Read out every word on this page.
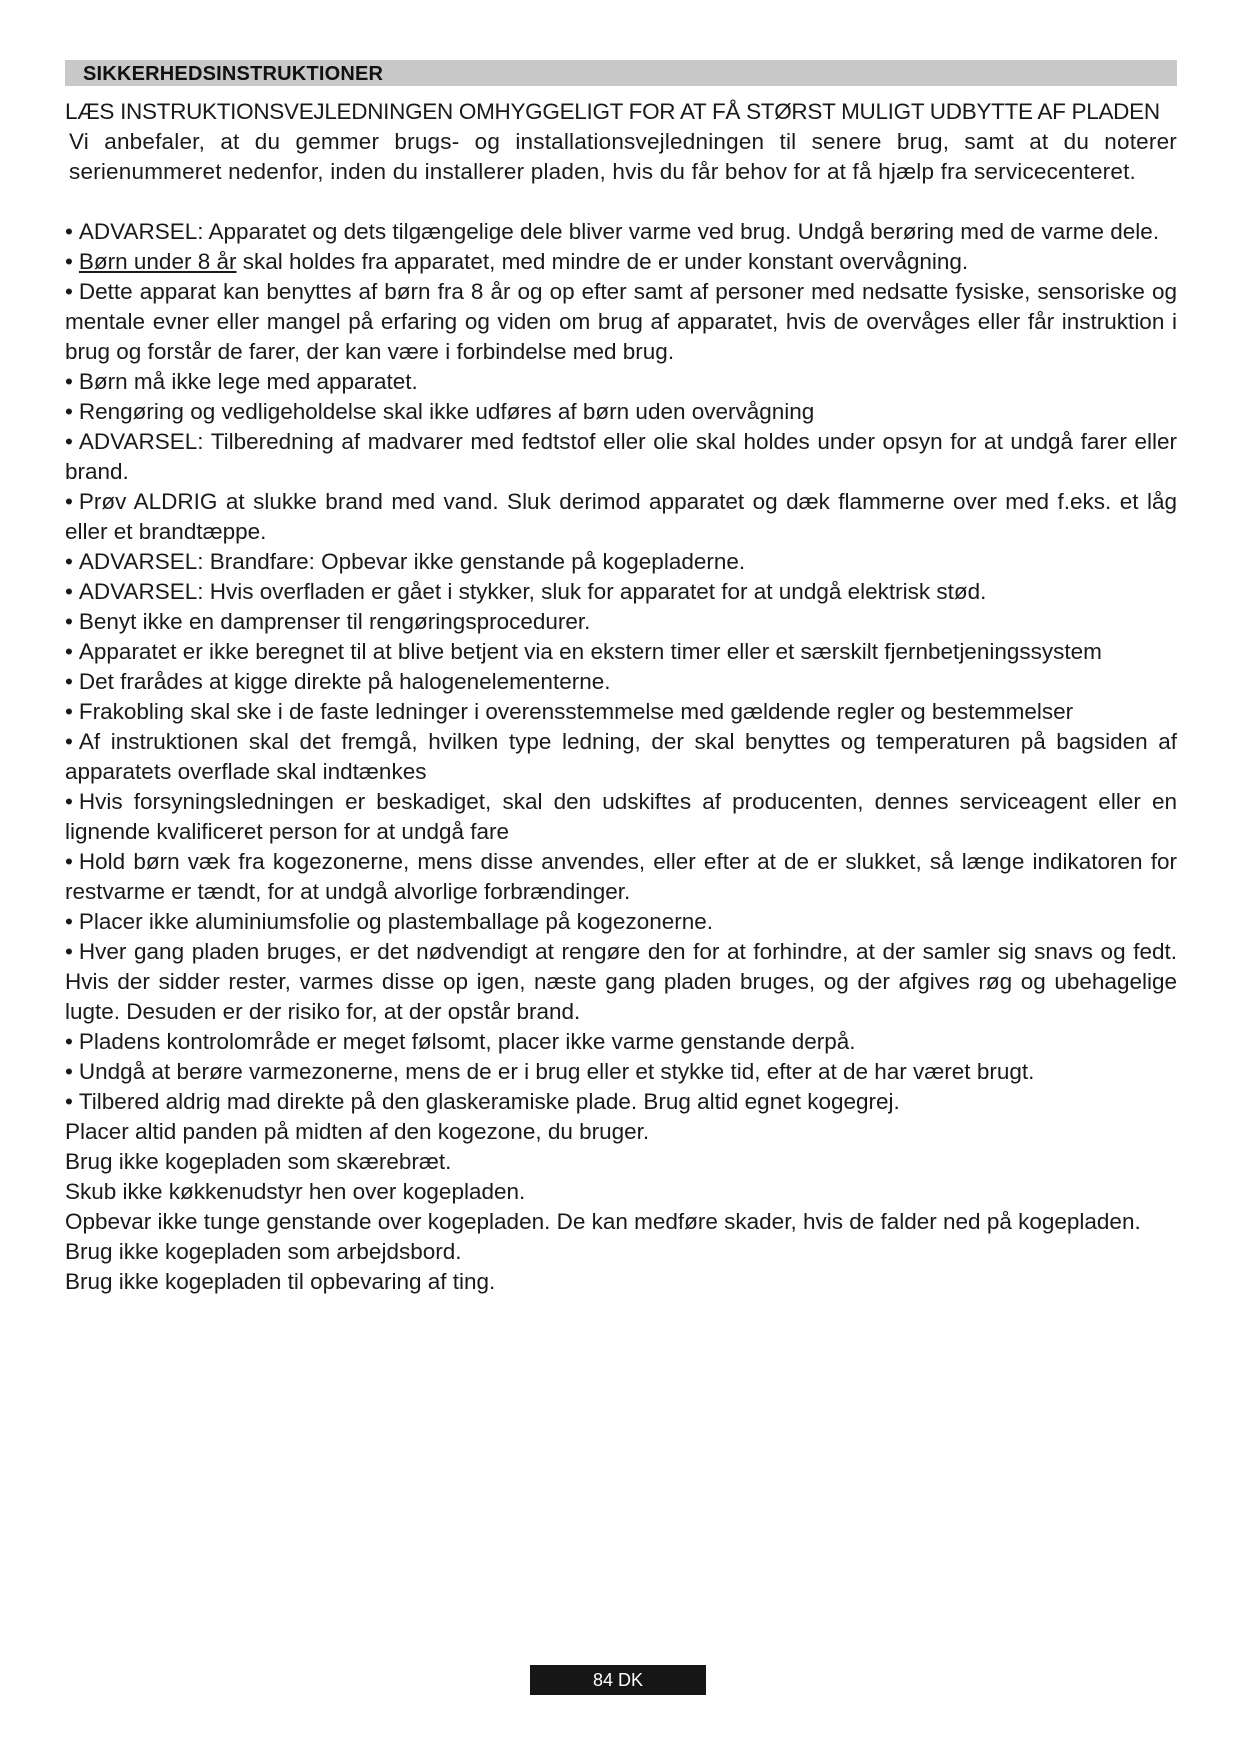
SIKKERHEDSINSTRUKTIONER
LÆS INSTRUKTIONSVEJLEDNINGEN OMHYGGELIGT FOR AT FÅ STØRST MULIGT UDBYTTE AF PLADEN
Vi anbefaler, at du gemmer brugs- og installationsvejledningen til senere brug, samt at du noterer serienummeret nedenfor, inden du installerer pladen, hvis du får behov for at få hjælp fra servicecenteret.

• ADVARSEL: Apparatet og dets tilgængelige dele bliver varme ved brug. Undgå berøring med de varme dele.

• Børn under 8 år skal holdes fra apparatet, med mindre de er under konstant overvågning.

• Dette apparat kan benyttes af børn fra 8 år og op efter samt af personer med nedsatte fysiske, sensoriske og mentale evner eller mangel på erfaring og viden om brug af apparatet, hvis de overvåges eller får instruktion i brug og forstår de farer, der kan være i forbindelse med brug.

• Børn må ikke lege med apparatet.

• Rengøring og vedligeholdelse skal ikke udføres af børn uden overvågning

• ADVARSEL: Tilberedning af madvarer med fedtstof eller olie skal holdes under opsyn for at undgå farer eller brand.

• Prøv ALDRIG at slukke brand med vand. Sluk derimod apparatet og dæk flammerne over med f.eks. et låg eller et brandtæppe.

• ADVARSEL: Brandfare: Opbevar ikke genstande på kogepladerne.

• ADVARSEL: Hvis overfladen er gået i stykker, sluk for apparatet for at undgå elektrisk stød.

• Benyt ikke en damprenser til rengøringsprocedurer.

• Apparatet er ikke beregnet til at blive betjent via en ekstern timer eller et særskilt fjernbetjeningssystem

• Det frarådes at kigge direkte på halogenelementerne.

• Frakobling skal ske i de faste ledninger i overensstemmelse med gældende regler og bestemmelser

• Af instruktionen skal det fremgå, hvilken type ledning, der skal benyttes og temperaturen på bagsiden af apparatets overflade skal indtænkes

• Hvis forsyningsledningen er beskadiget, skal den udskiftes af producenten, dennes serviceagent eller en lignende kvalificeret person for at undgå fare

• Hold børn væk fra kogezonerne, mens disse anvendes, eller efter at de er slukket, så længe indikatoren for restvarme er tændt, for at undgå alvorlige forbrændinger.

• Placer ikke aluminiumsfolie og plastemballage på kogezonerne.

• Hver gang pladen bruges, er det nødvendigt at rengøre den for at forhindre, at der samler sig snavs og fedt. Hvis der sidder rester, varmes disse op igen, næste gang pladen bruges, og der afgives røg og ubehagelige lugte. Desuden er der risiko for, at der opstår brand.

• Pladens kontrolområde er meget følsomt, placer ikke varme genstande derpå.

• Undgå at berøre varmezonerne, mens de er i brug eller et stykke tid, efter at de har været brugt.

• Tilbered aldrig mad direkte på den glaskeramiske plade. Brug altid egnet kogegrej.

Placer altid panden på midten af den kogezone, du bruger.

Brug ikke kogepladen som skærebræt.

Skub ikke køkkenudstyr hen over kogepladen.

Opbevar ikke tunge genstande over kogepladen. De kan medføre skader, hvis de falder ned på kogepladen.

Brug ikke kogepladen som arbejdsbord.

Brug ikke kogepladen til opbevaring af ting.

84 DK
